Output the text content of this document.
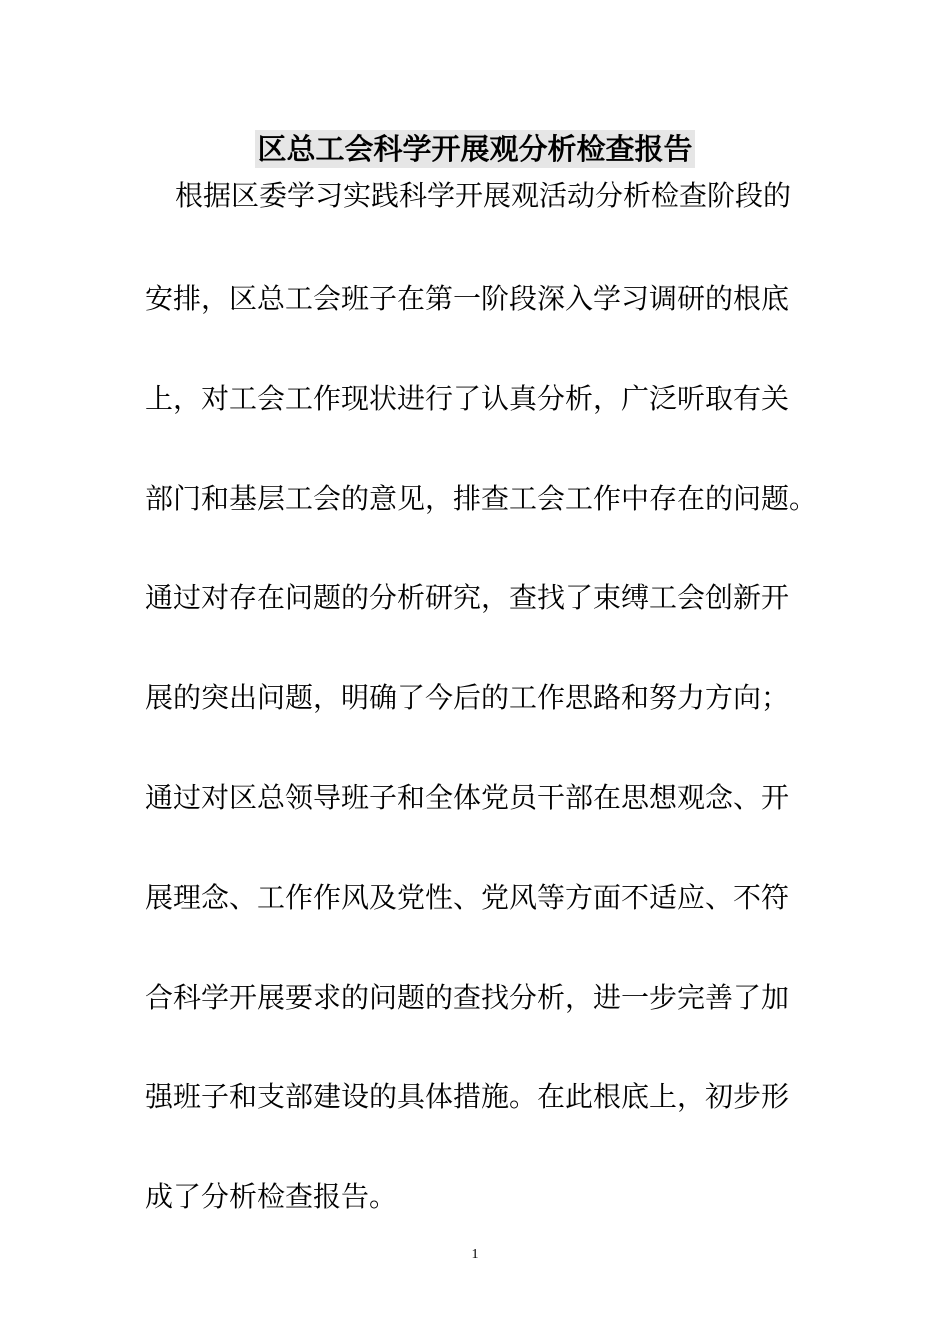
区总工会科学开展观分析检查报告
根据区委学习实践科学开展观活动分析检查阶段的
安排，区总工会班子在第一阶段深入学习调研的根底
上，对工会工作现状进行了认真分析，广泛听取有关
部门和基层工会的意见，排查工会工作中存在的问题。
通过对存在问题的分析研究，查找了束缚工会创新开
展的突出问题，明确了今后的工作思路和努力方向；
通过对区总领导班子和全体党员干部在思想观念、开
展理念、工作作风及党性、党风等方面不适应、不符
合科学开展要求的问题的查找分析，进一步完善了加
强班子和支部建设的具体措施。在此根底上，初步形
成了分析检查报告。
1
